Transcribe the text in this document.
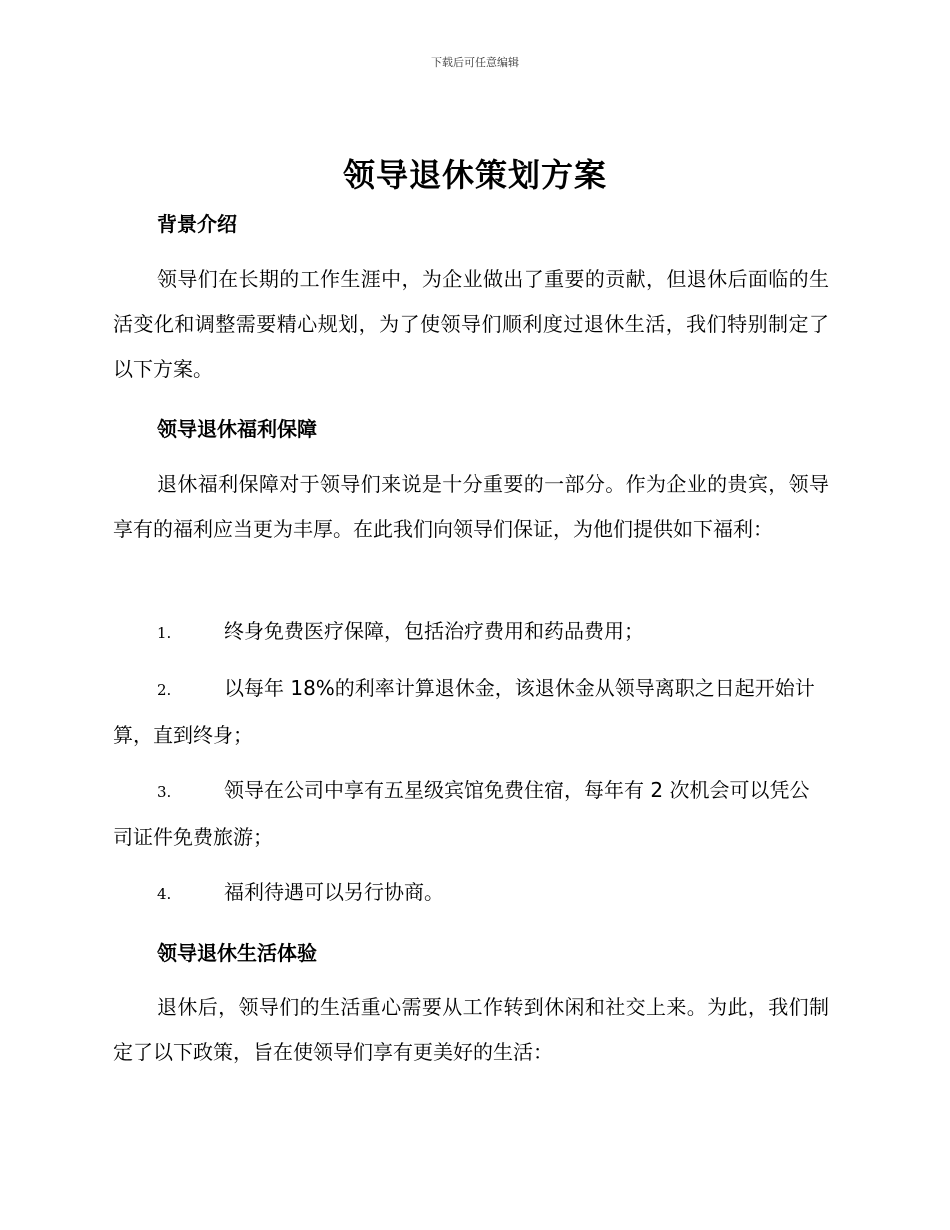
下载后可任意编辑
领导退休策划方案
背景介绍
领导们在长期的工作生涯中，为企业做出了重要的贡献，但退休后面临的生活变化和调整需要精心规划，为了使领导们顺利度过退休生活，我们特别制定了以下方案。
领导退休福利保障
退休福利保障对于领导们来说是十分重要的一部分。作为企业的贵宾，领导享有的福利应当更为丰厚。在此我们向领导们保证，为他们提供如下福利：
1.	终身免费医疗保障，包括治疗费用和药品费用；
2.	以每年 18%的利率计算退休金，该退休金从领导离职之日起开始计算，直到终身；
3.	领导在公司中享有五星级宾馆免费住宿，每年有 2 次机会可以凭公司证件免费旅游；
4.	福利待遇可以另行协商。
领导退休生活体验
退休后，领导们的生活重心需要从工作转到休闲和社交上来。为此，我们制定了以下政策，旨在使领导们享有更美好的生活：
